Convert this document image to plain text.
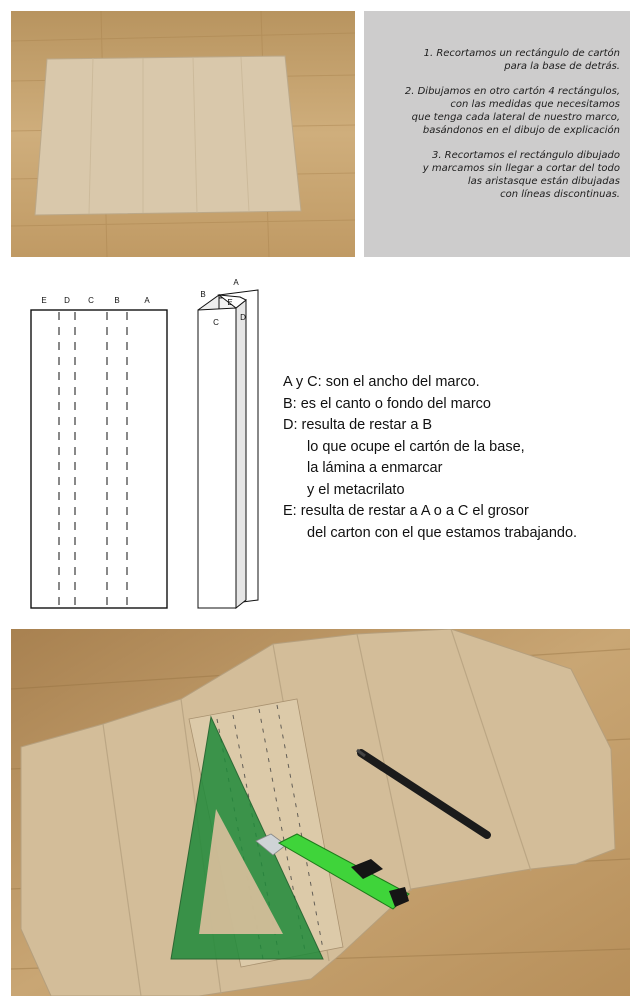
1. Recortamos un rectángulo de cartón
para la base de detrás.
2. Dibujamos en otro cartón 4 rectángulos,
con las medidas que necesitamos
que tenga cada lateral de nuestro marco,
basándonos en el dibujo de explicación
3. Recortamos el rectángulo dibujado
y marcamos sin llegar a cortar del todo
las aristasque están dibujadas
con líneas discontinuas.
E D C	B	A
A
B
E
C
D
A y C: son el ancho del marco.
B: es el canto o fondo del marco
D: resulta de restar a B
lo que ocupe el cartón de la base,
la lámina a enmarcar
y el metacrilato
E: resulta de restar a A o a C el grosor
del carton con el que estamos trabajando.
